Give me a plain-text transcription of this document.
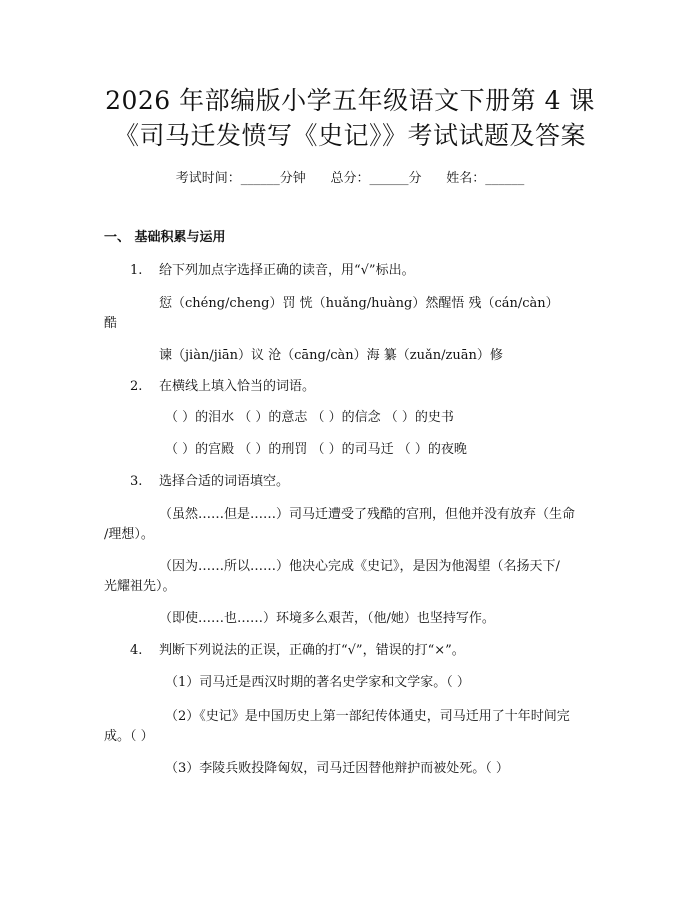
2026 年部编版小学五年级语文下册第 4 课
《司马迁发愤写《史记》》考试试题及答案
考试时间：______分钟      总分：______分      姓名：______
一、 基础积累与运用
1. 给下列加点字选择正确的读音，用“√”标出。
愆（chéng/cheng）罚 恍（huǎng/huàng）然醒悟 残（cán/càn）
酷
谏（jiàn/jiān）议 沧（cāng/càn）海 纂（zuǎn/zuān）修
2. 在横线上填入恰当的词语。
（ ）的泪水 （ ）的意志 （ ）的信念 （ ）的史书
（ ）的宫殿 （ ）的刑罚 （ ）的司马迁 （ ）的夜晚
3. 选择合适的词语填空。
（虽然……但是……）司马迁遭受了残酷的宫刑，但他并没有放弃（生命
/理想）。
（因为……所以……）他决心完成《史记》，是因为他渴望（名扬天下/
光耀祖先）。
（即使……也……）环境多么艰苦，（他/她）也坚持写作。
4. 判断下列说法的正误，正确的打“√”，错误的打“×”。
（1）司马迁是西汉时期的著名史学家和文学家。（ ）
（2）《史记》是中国历史上第一部纪传体通史，司马迁用了十年时间完
成。（ ）
（3）李陵兵败投降匈奴，司马迁因替他辩护而被处死。（ ）
